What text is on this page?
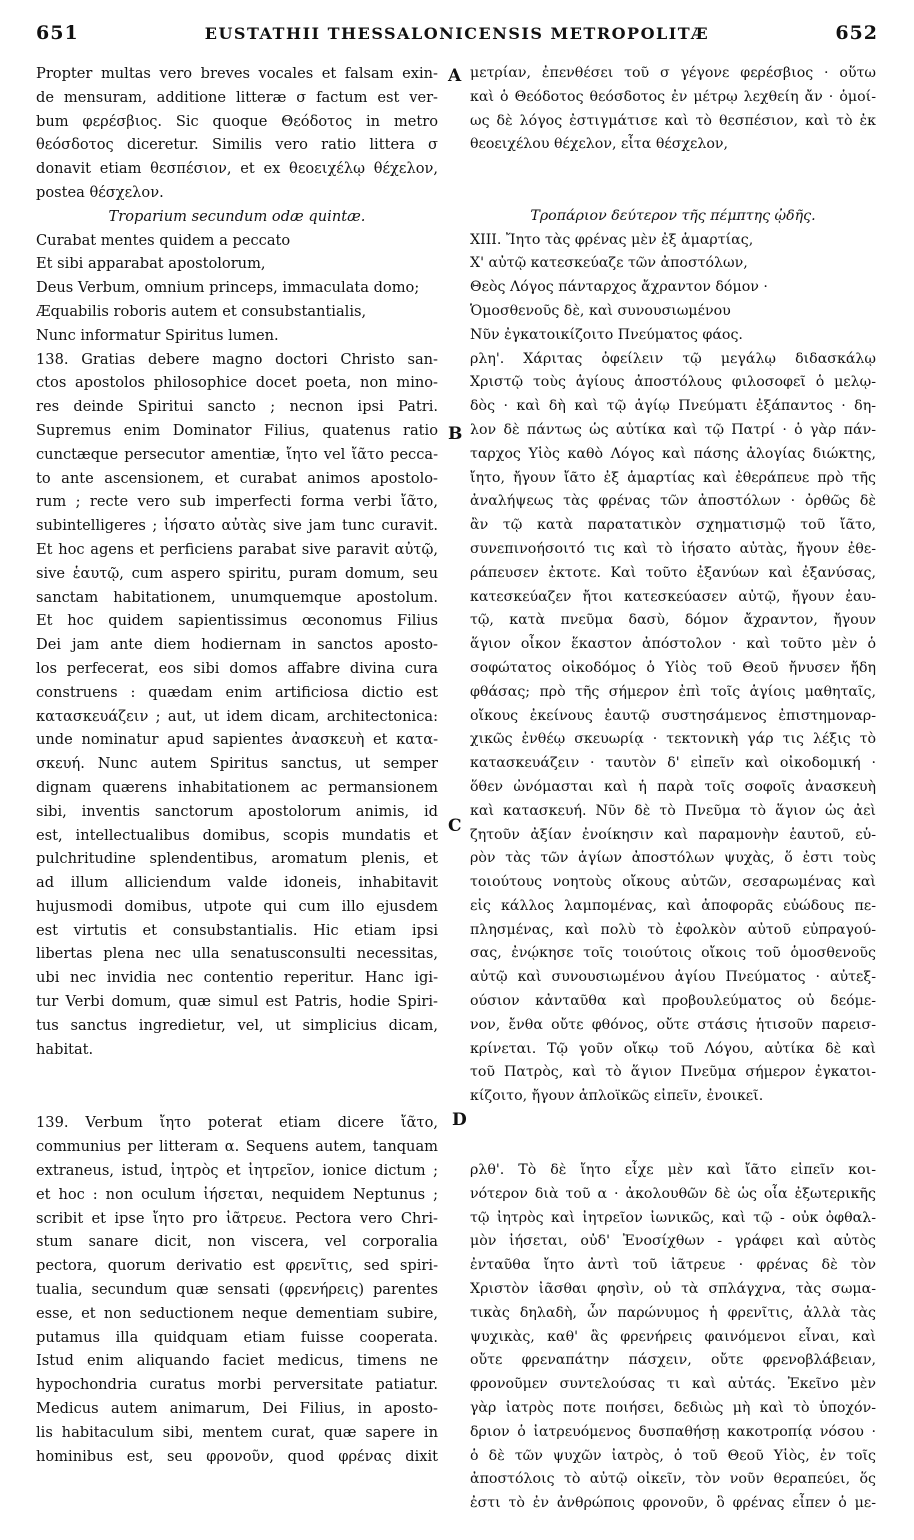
651	EUSTATHII THESSALONICENSIS METROPOLITÆ	652
Propter multas vero breves vocales et falsam exin-
de mensuram, additione litteræ σ factum est ver-
bum φερέσβιος. Sic quoque Θεόδοτος in metro
θεόσδοτος diceretur. Similis vero ratio littera σ
donavit etiam θεσπέσιον, et ex θεοειχέλῳ θέχελον,
postea θέσχελον.
Troparium secundum odæ quintæ.
Curabat mentes quidem a peccato
Et sibi apparabat apostolorum,
Deus Verbum, omnium princeps, immaculata domo;
Æquabilis roboris autem et consubstantialis,
Nunc informatur Spiritus lumen.
138. Gratias debere magno doctori Christo san-
ctos apostolos philosophice docet poeta, non mino-
res deinde Spiritui sancto ; necnon ipsi Patri.
Supremus enim Dominator Filius, quatenus ratio
cunctæque persecutor amentiæ, ἴητο vel ἴᾶτο pecca-
to ante ascensionem, et curabat animos apostolo-
rum ; recte vero sub imperfecti forma verbi ἴᾶτο,
subintelligeres ; ἰήσατο αὐτὰς sive jam tunc curavit.
Et hoc agens et perficiens parabat sive paravit αὐτῷ,
sive ἑαυτῷ, cum aspero spiritu, puram domum, seu
sanctam habitationem, unumquemque apostolum.
Et hoc quidem sapientissimus œconomus Filius
Dei jam ante diem hodiernam in sanctos aposto-
los perfecerat, eos sibi domos affabre divina cura
construens : quædam enim artificiosa dictio est
κατασκευάζειν ; aut, ut idem dicam, architectonica:
unde nominatur apud sapientes ἀνασκευὴ et κατα-
σκευή. Nunc autem Spiritus sanctus, ut semper
dignam quærens inhabitationem ac permansionem
sibi, inventis sanctorum apostolorum animis, id
est, intellectualibus domibus, scopis mundatis et
pulchritudine splendentibus, aromatum plenis, et
ad illum alliciendum valde idoneis, inhabitavit
hujusmodi domibus, utpote qui cum illo ejusdem
est virtutis et consubstantialis. Hic etiam ipsi
libertas plena nec ulla senatusconsulti necessitas,
ubi nec invidia nec contentio reperitur. Hanc igi-
tur Verbi domum, quæ simul est Patris, hodie Spiri-
tus sanctus ingredietur, vel, ut simplicius dicam,
habitat.
139. Verbum ἴητο poterat etiam dicere ἴᾶτο,
communius per litteram α. Sequens autem, tanquam
extraneus, istud, ἰητρὸς et ἰητρεῖον, ionice dictum ;
et hoc : non oculum ἰήσεται, nequidem Neptunus ;
scribit et ipse ἴητο pro ἰᾶτρευε. Pectora vero Chri-
stum sanare dicit, non viscera, vel corporalia
pectora, quorum derivatio est φρενῖτις, sed spiri-
tualia, secundum quæ sensati (φρενήρεις) parentes
esse, et non seductionem neque dementiam subire,
putamus illa quidquam etiam fuisse cooperata.
Istud enim aliquando faciet medicus, timens ne
hypochondria curatus morbi perversitate patiatur.
Medicus autem animarum, Dei Filius, in aposto-
lis habitaculum sibi, mentem curat, quæ sapere in
hominibus est, seu φρονοῦν, quod φρένας dixit
μετρίαν, ἐπενθέσει τοῦ σ γέγονε φερέσβιος · οὕτω
καὶ ὁ Θεόδοτος θεόσδοτος ἐν μέτρῳ λεχθείη ἄν · ὁμοί-
ως δὲ λόγος ἐστιγμάτισε καὶ τὸ θεσπέσιον, καὶ τὸ ἐκ
θεοειχέλου θέχελον, εἶτα θέσχελον,
Τροπάριον δεύτερον τῆς πέμπτης ᾠδῆς.
XIII. Ἴητο τὰς φρένας μὲν ἐξ ἁμαρτίας,
Χ' αὐτῷ κατεσκεύαζε τῶν ἀποστόλων,
Θεὸς Λόγος πάνταρχος ἄχραντον δόμον ·
Ὁμοσθενοῦς δὲ, καὶ συνουσιωμένου
Νῦν ἐγκατοικίζοιτο Πνεύματος φάος.
ρλη'. Χάριτας ὀφείλειν τῷ μεγάλῳ διδασκάλῳ
Χριστῷ τοὺς ἁγίους ἀποστόλους φιλοσοφεῖ ὁ μελῳ-
δὸς · καὶ δὴ καὶ τῷ ἁγίῳ Πνεύματι ἐξάπαντος · δη-
λον δὲ πάντως ὡς αὐτίκα καὶ τῷ Πατρί · ὁ γὰρ πάν-
ταρχος Υἱὸς καθὸ Λόγος καὶ πάσης ἀλογίας διώκτης,
ἴητο, ἤγουν ἴᾶτο ἐξ ἁμαρτίας καὶ ἐθεράπευε πρὸ τῆς
ἀναλήψεως τὰς φρένας τῶν ἀποστόλων · ὀρθῶς δὲ
ἂν τῷ κατὰ παρατατικὸν σχηματισμῷ τοῦ ἴᾶτο,
συνεπινοήσοιτό τις καὶ τὸ ἰήσατο αὐτὰς, ἤγουν ἐθε-
ράπευσεν ἐκτοτε. Καὶ τοῦτο ἐξανύων καὶ ἐξανύσας,
κατεσκεύαζεν ἤτοι κατεσκεύασεν αὐτῷ, ἤγουν ἑαυ-
τῷ, κατὰ πνεῦμα δασὺ, δόμον ἄχραντον, ἤγουν
ἅγιον οἶκον ἕκαστον ἀπόστολον · καὶ τοῦτο μὲν ὁ
σοφώτατος οἰκοδόμος ὁ Υἱὸς τοῦ Θεοῦ ἤνυσεν ἤδη
φθάσας; πρὸ τῆς σήμερον ἐπὶ τοῖς ἁγίοις μαθηταῖς,
οἴκους ἐκείνους ἑαυτῷ συστησάμενος ἐπιστημοναρ-
χικῶς ἐνθέῳ σκευωρίᾳ · τεκτονικὴ γάρ τις λέξις τὸ
κατασκευάζειν · ταυτὸν δ' εἰπεῖν καὶ οἰκοδομική ·
ὅθεν ὠνόμασται καὶ ἡ παρὰ τοῖς σοφοῖς ἀνασκευὴ
καὶ κατασκευή. Νῦν δὲ τὸ Πνεῦμα τὸ ἅγιον ὡς ἀεὶ
ζητοῦν ἀξίαν ἐνοίκησιν καὶ παραμονὴν ἑαυτοῦ, εὑ-
ρὸν τὰς τῶν ἁγίων ἀποστόλων ψυχὰς, ὅ ἐστι τοὺς
τοιούτους νοητοὺς οἴκους αὐτῶν, σεσαρωμένας καὶ
εἰς κάλλος λαμπομένας, καὶ ἀποφορᾶς εὐώδους πε-
πλησμένας, καὶ πολὺ τὸ ἐφολκὸν αὐτοῦ εὐπραγού-
σας, ἐνῴκησε τοῖς τοιούτοις οἴκοις τοῦ ὁμοσθενοῦς
αὐτῷ καὶ συνουσιωμένου ἁγίου Πνεύματος · αὐτεξ-
ούσιον κἀνταῦθα καὶ προβουλεύματος οὐ δεόμε-
νον, ἔνθα οὔτε φθόνος, οὔτε στάσις ἡτισοῦν παρεισ-
κρίνεται. Τῷ γοῦν οἴκῳ τοῦ Λόγου, αὐτίκα δὲ καὶ
τοῦ Πατρὸς, καὶ τὸ ἅγιον Πνεῦμα σήμερον ἐγκατοι-
κίζοιτο, ἤγουν ἁπλοϊκῶς εἰπεῖν, ἐνοικεῖ.
ρλθ'. Τὸ δὲ ἴητο εἶχε μὲν καὶ ἴᾶτο εἰπεῖν κοι-
νότερον διὰ τοῦ α · ἀκολουθῶν δὲ ὡς οἷα ἐξωτερικῆς
τῷ ἰητρὸς καὶ ἰητρεῖον ἰωνικῶς, καὶ τῷ - οὐκ ὀφθαλ-
μὸν ἰήσεται, οὐδ' Ἐνοσίχθων - γράφει καὶ αὐτὸς
ἐνταῦθα ἴητο ἀντὶ τοῦ ἰᾶτρευε · φρένας δὲ τὸν
Χριστὸν ἰᾶσθαι φησὶν, οὐ τὰ σπλάγχνα, τὰς σωμα-
τικὰς δηλαδὴ, ὧν παρώνυμος ἡ φρενῖτις, ἀλλὰ τὰς
ψυχικὰς, καθ' ἃς φρενήρεις φαινόμενοι εἶναι, καὶ
οὔτε φρεναπάτην πάσχειν, οὔτε φρενοβλάβειαν,
φρονοῦμεν συντελούσας τι καὶ αὐτάς. Ἐκεῖνο μὲν
γὰρ ἰατρὸς ποτε ποιήσει, δεδιὼς μὴ καὶ τὸ ὑποχόν-
δριον ὁ ἰατρευόμενος δυσπαθήσῃ κακοτροπίᾳ νόσου ·
ὁ δὲ τῶν ψυχῶν ἰατρὸς, ὁ τοῦ Θεοῦ Υἱὸς, ἐν τοῖς
ἀποστόλοις τὸ αὐτῷ οἰκεῖν, τὸν νοῦν θεραπεύει, ὅς
ἐστι τὸ ἐν ἀνθρώποις φρονοῦν, ὃ φρένας εἶπεν ὁ με-
A
B
C
D
